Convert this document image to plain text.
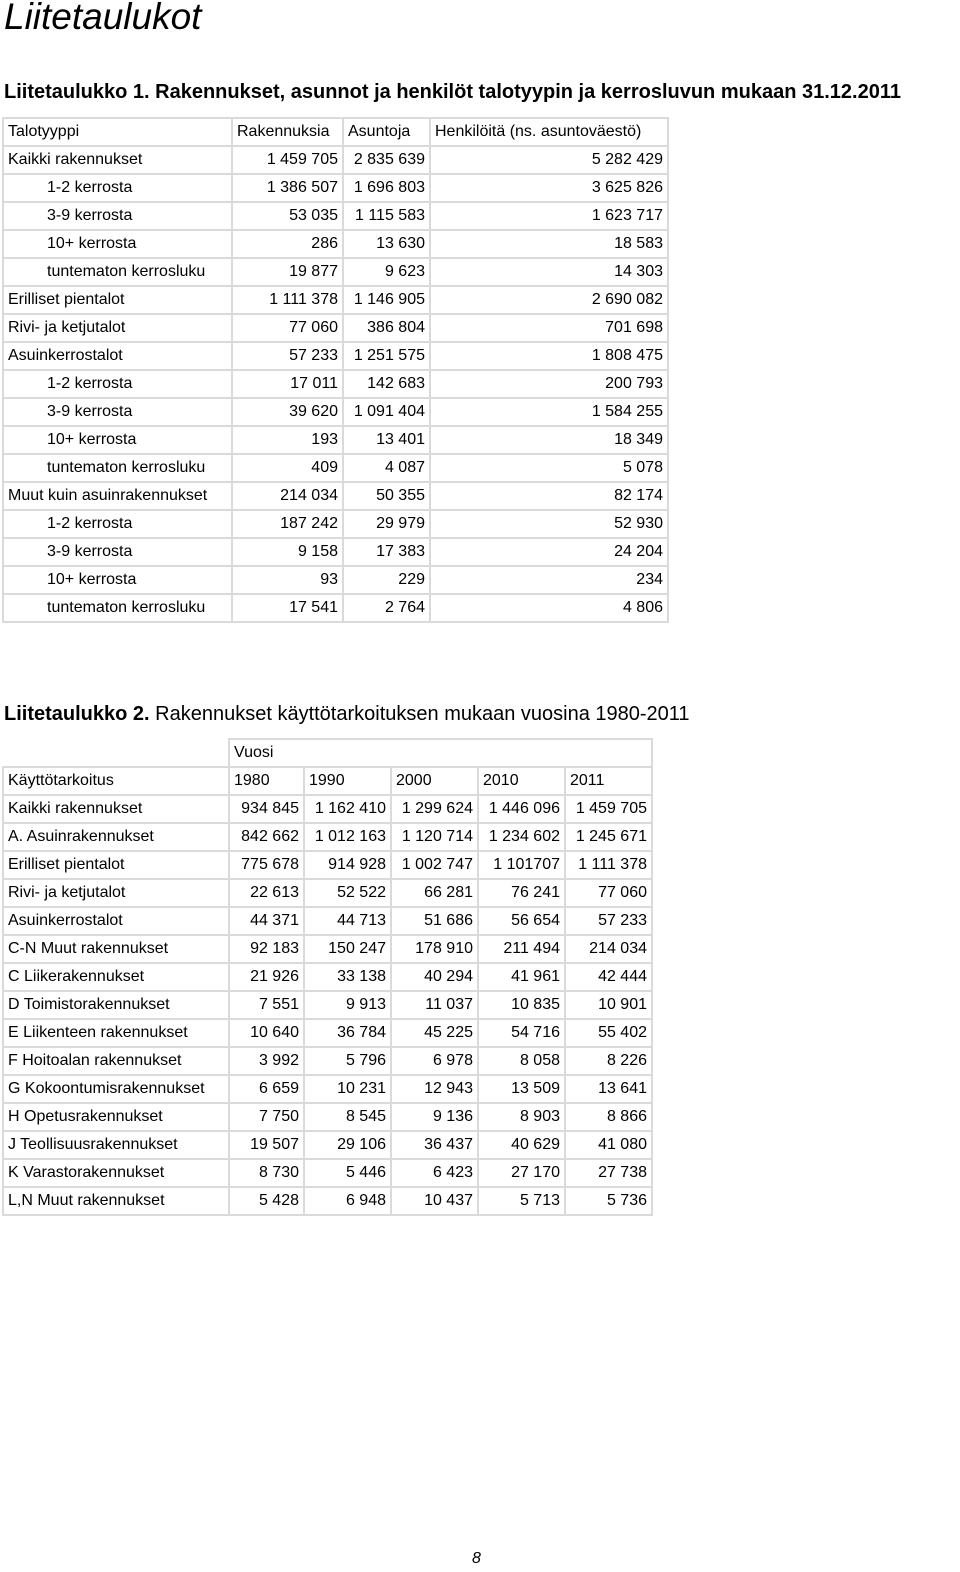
Liitetaulukot
Liitetaulukko 1. Rakennukset, asunnot ja henkilöt talotyypin ja kerrosluvun mukaan 31.12.2011
Talotyyppi	Rakennuksia	Asuntoja	Henkilöitä (ns. asuntoväestö)
Kaikki rakennukset	1 459 705	2 835 639	5 282 429
1-2 kerrosta	1 386 507	1 696 803	3 625 826
3-9 kerrosta	53 035	1 115 583	1 623 717
10+ kerrosta	286	13 630	18 583
tuntematon kerrosluku	19 877	9 623	14 303
Erilliset pientalot	1 111 378	1 146 905	2 690 082
Rivi- ja ketjutalot	77 060	386 804	701 698
Asuinkerrostalot	57 233	1 251 575	1 808 475
1-2 kerrosta	17 011	142 683	200 793
3-9 kerrosta	39 620	1 091 404	1 584 255
10+ kerrosta	193	13 401	18 349
tuntematon kerrosluku	409	4 087	5 078
Muut kuin asuinrakennukset	214 034	50 355	82 174
1-2 kerrosta	187 242	29 979	52 930
3-9 kerrosta	9 158	17 383	24 204
10+ kerrosta	93	229	234
tuntematon kerrosluku	17 541	2 764	4 806
Liitetaulukko 2. Rakennukset käyttötarkoituksen mukaan vuosina 1980-2011
	Vuosi				
Käyttötarkoitus	1980	1990	2000	2010	2011
Kaikki rakennukset	934 845	1 162 410	1 299 624	1 446 096	1 459 705
A. Asuinrakennukset	842 662	1 012 163	1 120 714	1 234 602	1 245 671
Erilliset pientalot	775 678	914 928	1 002 747	1 101707	1 111 378
Rivi- ja ketjutalot	22 613	52 522	66 281	76 241	77 060
Asuinkerrostalot	44 371	44 713	51 686	56 654	57 233
C-N Muut rakennukset	92 183	150 247	178 910	211 494	214 034
C Liikerakennukset	21 926	33 138	40 294	41 961	42 444
D Toimistorakennukset	7 551	9 913	11 037	10 835	10 901
E Liikenteen rakennukset	10 640	36 784	45 225	54 716	55 402
F Hoitoalan rakennukset	3 992	5 796	6 978	8 058	8 226
G Kokoontumisrakennukset	6 659	10 231	12 943	13 509	13 641
H Opetusrakennukset	7 750	8 545	9 136	8 903	8 866
J Teollisuusrakennukset	19 507	29 106	36 437	40 629	41 080
K Varastorakennukset	8 730	5 446	6 423	27 170	27 738
L,N Muut rakennukset	5 428	6 948	10 437	5 713	5 736
8
